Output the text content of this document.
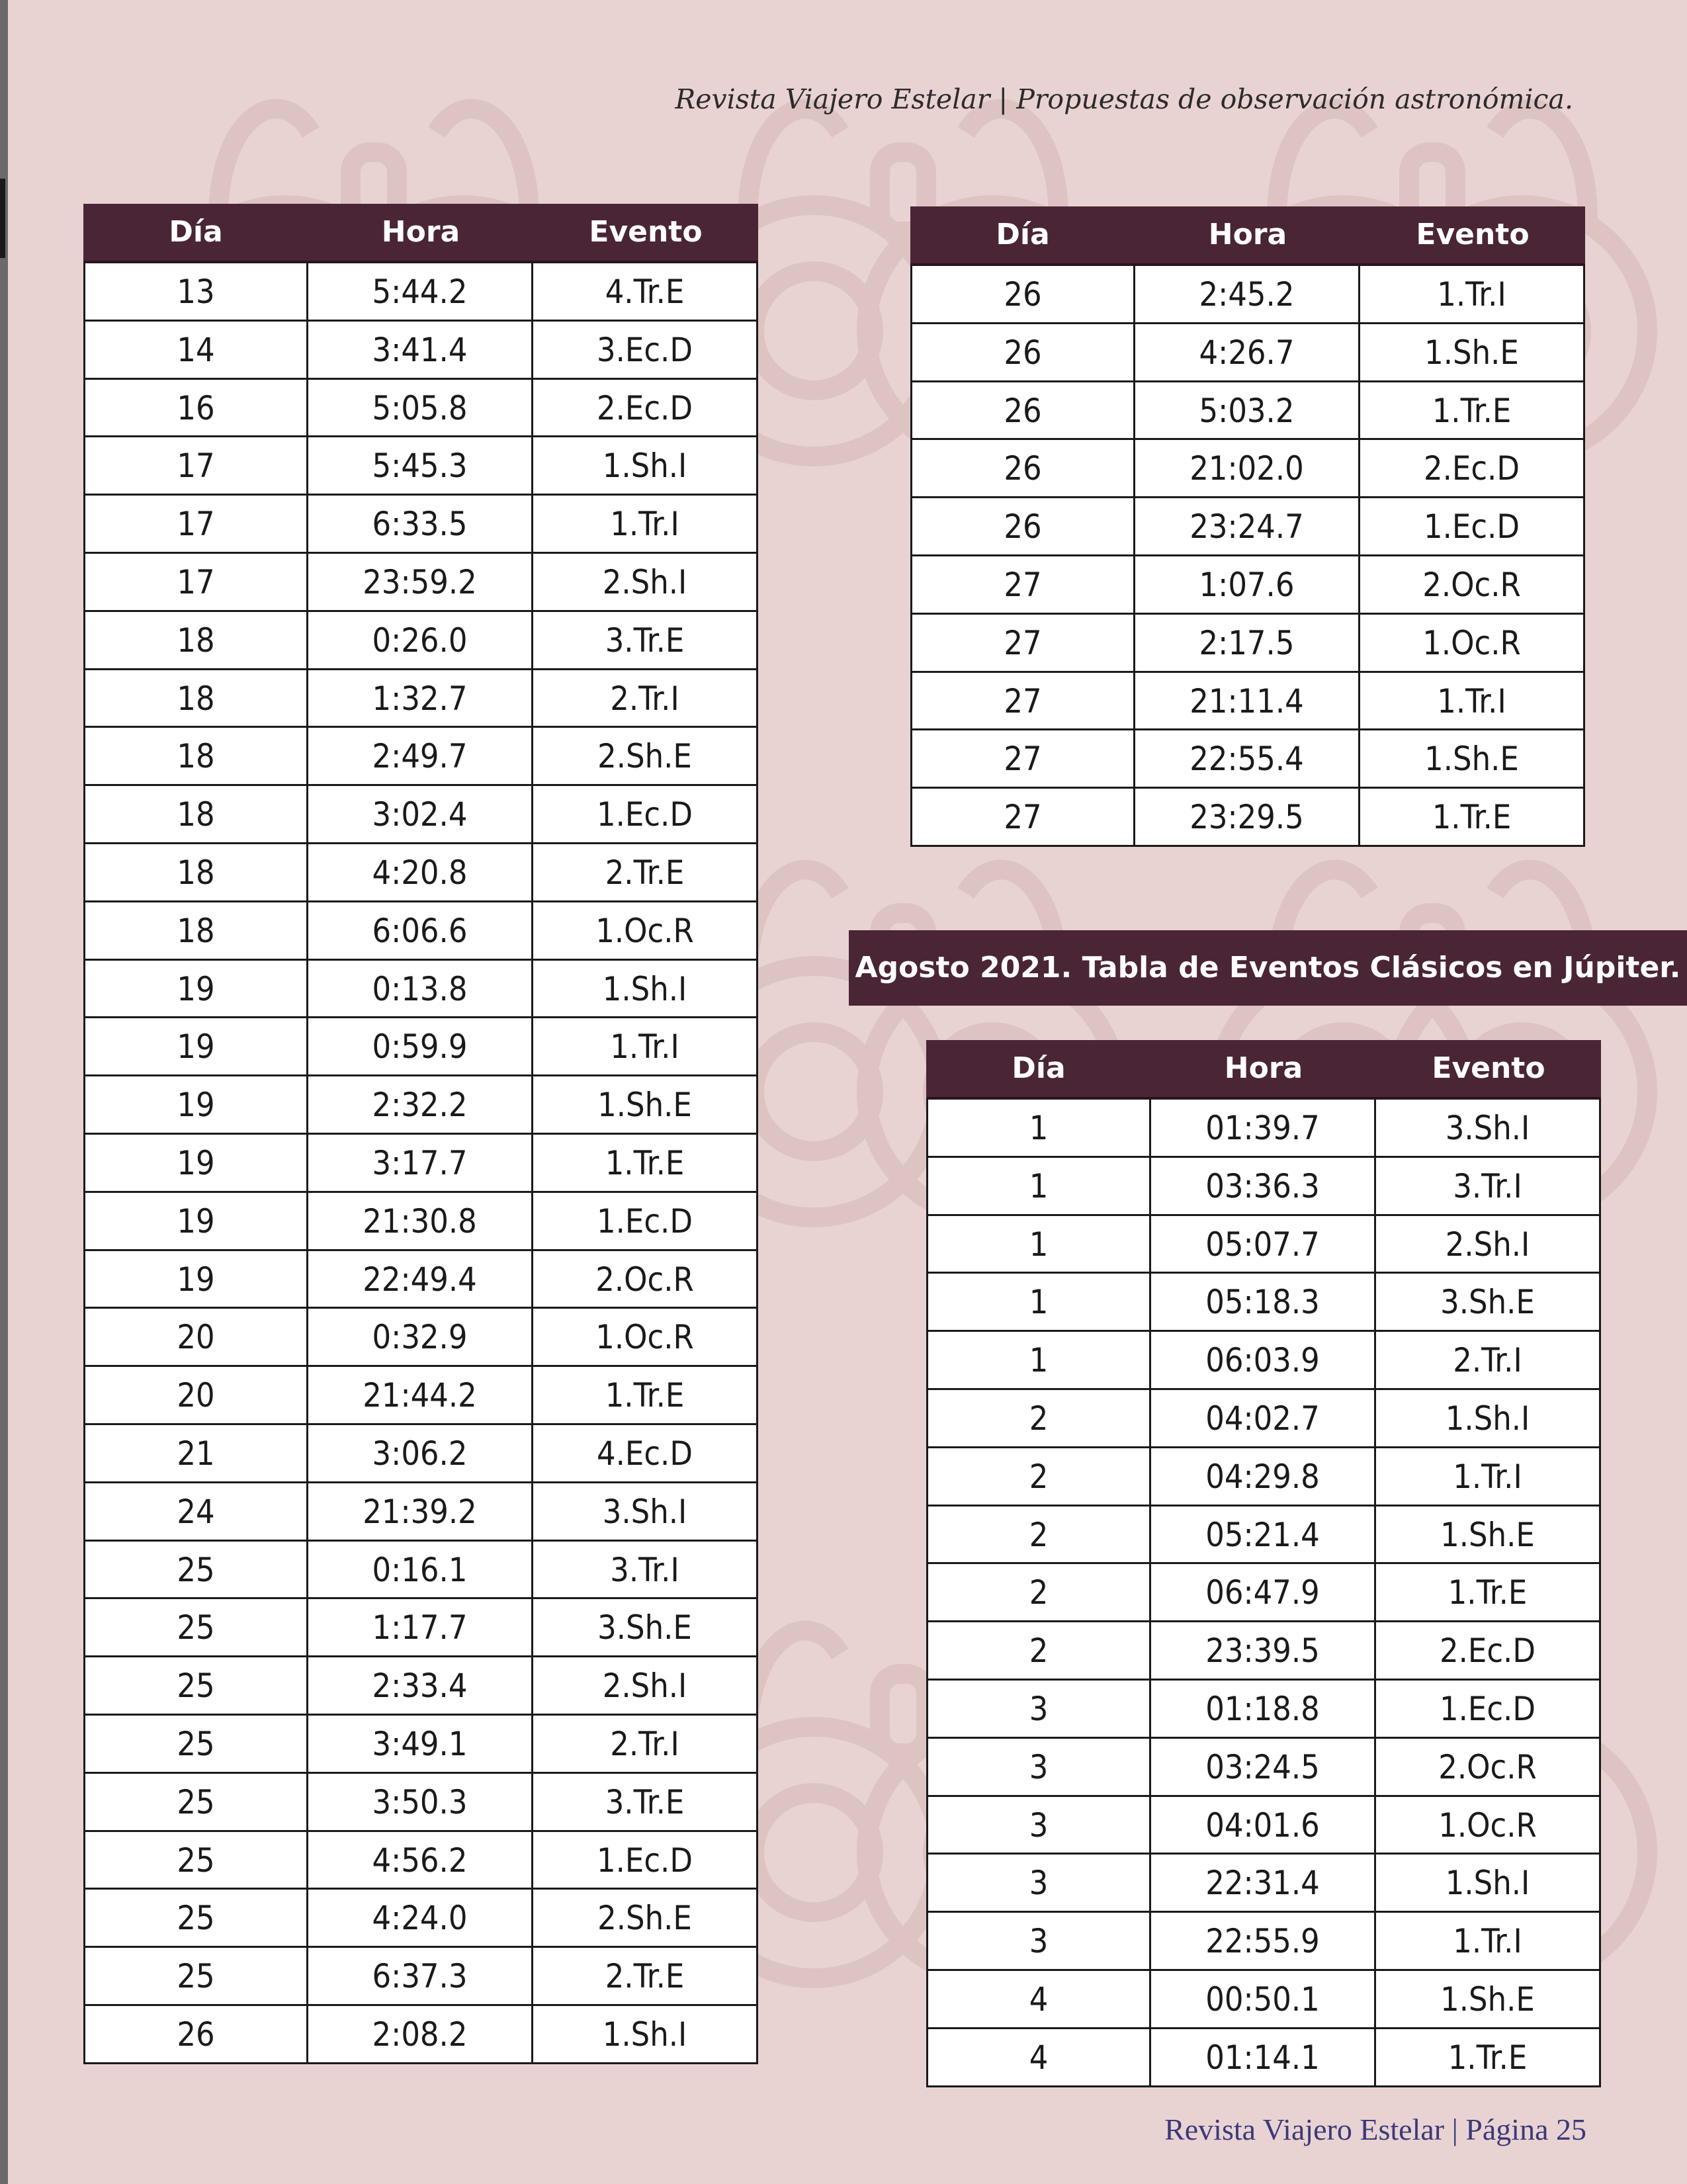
Revista Viajero Estelar | Propuestas de observación astronómica.
Día	Hora	Evento
13	5:44.2	4.Tr.E
14	3:41.4	3.Ec.D
16	5:05.8	2.Ec.D
17	5:45.3	1.Sh.I
17	6:33.5	1.Tr.I
17	23:59.2	2.Sh.I
18	0:26.0	3.Tr.E
18	1:32.7	2.Tr.I
18	2:49.7	2.Sh.E
18	3:02.4	1.Ec.D
18	4:20.8	2.Tr.E
18	6:06.6	1.Oc.R
19	0:13.8	1.Sh.I
19	0:59.9	1.Tr.I
19	2:32.2	1.Sh.E
19	3:17.7	1.Tr.E
19	21:30.8	1.Ec.D
19	22:49.4	2.Oc.R
20	0:32.9	1.Oc.R
20	21:44.2	1.Tr.E
21	3:06.2	4.Ec.D
24	21:39.2	3.Sh.I
25	0:16.1	3.Tr.I
25	1:17.7	3.Sh.E
25	2:33.4	2.Sh.I
25	3:49.1	2.Tr.I
25	3:50.3	3.Tr.E
25	4:56.2	1.Ec.D
25	4:24.0	2.Sh.E
25	6:37.3	2.Tr.E
26	2:08.2	1.Sh.I
Día	Hora	Evento
26	2:45.2	1.Tr.I
26	4:26.7	1.Sh.E
26	5:03.2	1.Tr.E
26	21:02.0	2.Ec.D
26	23:24.7	1.Ec.D
27	1:07.6	2.Oc.R
27	2:17.5	1.Oc.R
27	21:11.4	1.Tr.I
27	22:55.4	1.Sh.E
27	23:29.5	1.Tr.E
Agosto 2021. Tabla de Eventos Clásicos en Júpiter.
Día	Hora	Evento
1	01:39.7	3.Sh.I
1	03:36.3	3.Tr.I
1	05:07.7	2.Sh.I
1	05:18.3	3.Sh.E
1	06:03.9	2.Tr.I
2	04:02.7	1.Sh.I
2	04:29.8	1.Tr.I
2	05:21.4	1.Sh.E
2	06:47.9	1.Tr.E
2	23:39.5	2.Ec.D
3	01:18.8	1.Ec.D
3	03:24.5	2.Oc.R
3	04:01.6	1.Oc.R
3	22:31.4	1.Sh.I
3	22:55.9	1.Tr.I
4	00:50.1	1.Sh.E
4	01:14.1	1.Tr.E
Revista Viajero Estelar | Página 25
